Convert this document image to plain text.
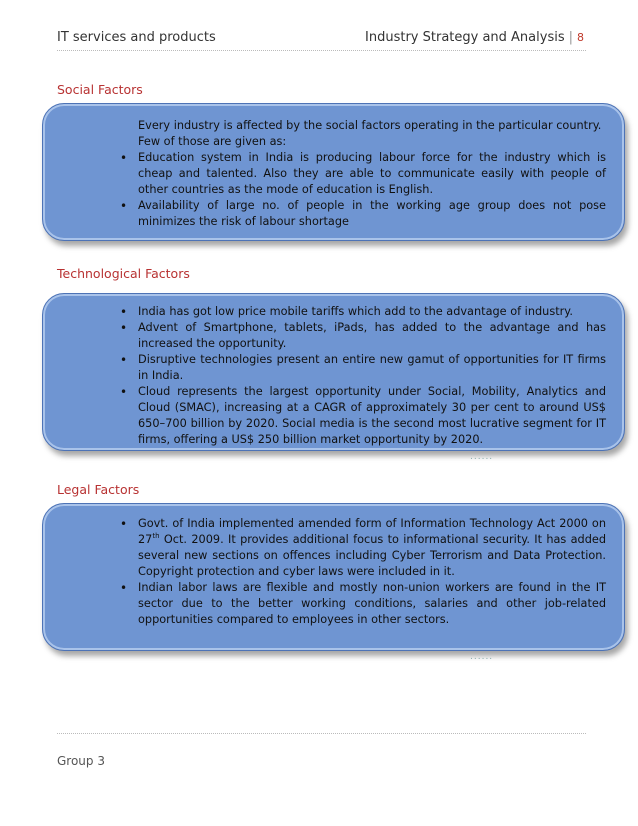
IT services and products	Industry Strategy and Analysis | 8
Social Factors

Every industry is affected by the social factors operating in the particular country.

Few of those are given as:

• Education system in India is producing labour force for the industry which is cheap and talented. Also they are able to communicate easily with people of other countries as the mode of education is English.
• Availability of large no. of people in the working age group does not pose minimizes the risk of labour shortage
Technological Factors
• India has got low price mobile tariffs which add to the advantage of industry.
• Advent of Smartphone, tablets, iPads, has added to the advantage and has increased the opportunity.
• Disruptive technologies present an entire new gamut of opportunities for IT firms in India.
• Cloud represents the largest opportunity under Social, Mobility, Analytics and Cloud (SMAC), increasing at a CAGR of approximately 30 per cent to around US$ 650–700 billion by 2020. Social media is the second most lucrative segment for IT firms, offering a US$ 250 billion market opportunity by 2020.
......
Legal Factors
• Govt. of India implemented amended form of Information Technology Act 2000 on 27th Oct. 2009. It provides additional focus to informational security. It has added several new sections on offences including Cyber Terrorism and Data Protection. Copyright protection and cyber laws were included in it.
• Indian labor laws are flexible and mostly non-union workers are found in the IT sector due to the better working conditions, salaries and other job-related opportunities compared to employees in other sectors.
......
Group 3
